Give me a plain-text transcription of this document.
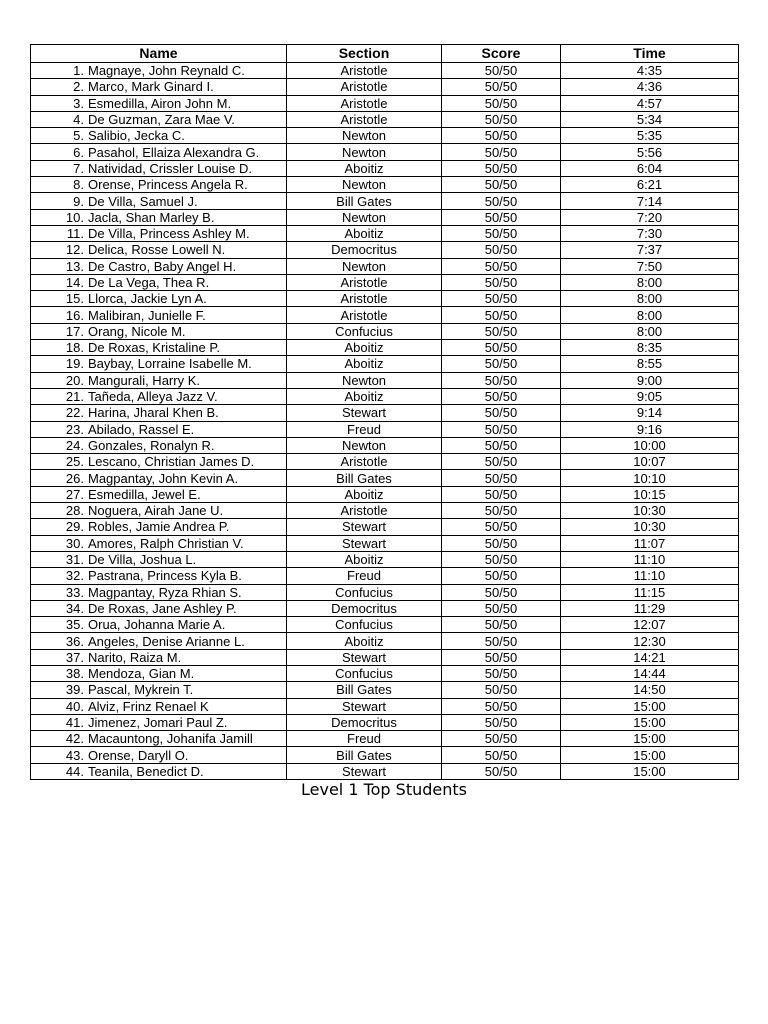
Name	Section	Score	Time
1. Magnaye, John Reynald C.	Aristotle	50/50	4:35
2. Marco, Mark Ginard I.	Aristotle	50/50	4:36
3. Esmedilla, Airon John M.	Aristotle	50/50	4:57
4. De Guzman, Zara Mae V.	Aristotle	50/50	5:34
5. Salibio, Jecka C.	Newton	50/50	5:35
6. Pasahol, Ellaiza Alexandra G.	Newton	50/50	5:56
7. Natividad, Crissler Louise D.	Aboitiz	50/50	6:04
8. Orense, Princess Angela R.	Newton	50/50	6:21
9. De Villa, Samuel J.	Bill Gates	50/50	7:14
10. Jacla, Shan Marley B.	Newton	50/50	7:20
11. De Villa, Princess Ashley M.	Aboitiz	50/50	7:30
12. Delica, Rosse Lowell N.	Democritus	50/50	7:37
13. De Castro, Baby Angel H.	Newton	50/50	7:50
14. De La Vega, Thea R.	Aristotle	50/50	8:00
15. Llorca, Jackie Lyn A.	Aristotle	50/50	8:00
16. Malibiran, Junielle F.	Aristotle	50/50	8:00
17. Orang, Nicole M.	Confucius	50/50	8:00
18. De Roxas, Kristaline P.	Aboitiz	50/50	8:35
19. Baybay, Lorraine Isabelle M.	Aboitiz	50/50	8:55
20. Mangurali, Harry K.	Newton	50/50	9:00
21. Tañeda, Alleya Jazz V.	Aboitiz	50/50	9:05
22. Harina, Jharal Khen B.	Stewart	50/50	9:14
23. Abilado, Rassel E.	Freud	50/50	9:16
24. Gonzales, Ronalyn R.	Newton	50/50	10:00
25. Lescano, Christian James D.	Aristotle	50/50	10:07
26. Magpantay, John Kevin A.	Bill Gates	50/50	10:10
27. Esmedilla, Jewel E.	Aboitiz	50/50	10:15
28. Noguera, Airah Jane U.	Aristotle	50/50	10:30
29. Robles, Jamie Andrea P.	Stewart	50/50	10:30
30. Amores, Ralph Christian V.	Stewart	50/50	11:07
31. De Villa, Joshua L.	Aboitiz	50/50	11:10
32. Pastrana, Princess Kyla B.	Freud	50/50	11:10
33. Magpantay, Ryza Rhian S.	Confucius	50/50	11:15
34. De Roxas, Jane Ashley P.	Democritus	50/50	11:29
35. Orua, Johanna Marie A.	Confucius	50/50	12:07
36. Angeles, Denise Arianne L.	Aboitiz	50/50	12:30
37. Narito, Raiza M.	Stewart	50/50	14:21
38. Mendoza, Gian M.	Confucius	50/50	14:44
39. Pascal, Mykrein T.	Bill Gates	50/50	14:50
40. Alviz, Frinz Renael K	Stewart	50/50	15:00
41. Jimenez, Jomari Paul Z.	Democritus	50/50	15:00
42. Macauntong, Johanifa Jamill	Freud	50/50	15:00
43. Orense, Daryll O.	Bill Gates	50/50	15:00
44. Teanila, Benedict D.	Stewart	50/50	15:00
Level 1 Top Students
